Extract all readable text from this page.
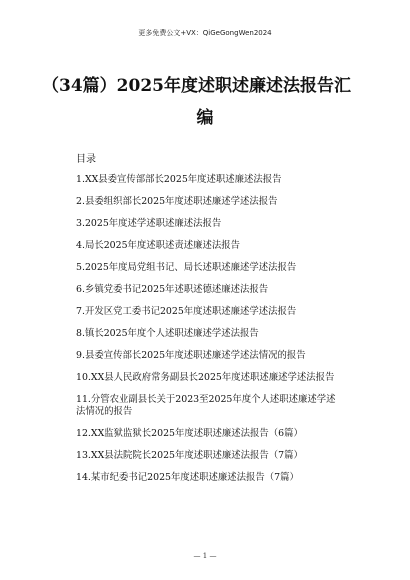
更多免费公文+VX：QiGeGongWen2024
（34篇）2025年度述职述廉述法报告汇
编
目录
1.XX县委宣传部部长2025年度述职述廉述法报告
2.县委组织部长2025年度述职述廉述学述法报告
3.2025年度述学述职述廉述法报告
4.局长2025年度述职述责述廉述法报告
5.2025年度局党组书记、局长述职述廉述学述法报告
6.乡镇党委书记2025年述职述德述廉述法报告
7.开发区党工委书记2025年度述职述廉述学述法报告
8.镇长2025年度个人述职述廉述学述法报告
9.县委宣传部长2025年度述职述廉述学述法情况的报告
10.XX县人民政府常务副县长2025年度述职述廉述学述法报告
11.分管农业副县长关于2023至2025年度个人述职述廉述学述法情况的报告
12.XX监狱监狱长2025年度述职述廉述法报告（6篇）
13.XX县法院院长2025年度述职述廉述法报告（7篇）
14.某市纪委书记2025年度述职述廉述法报告（7篇）
— 1 —
